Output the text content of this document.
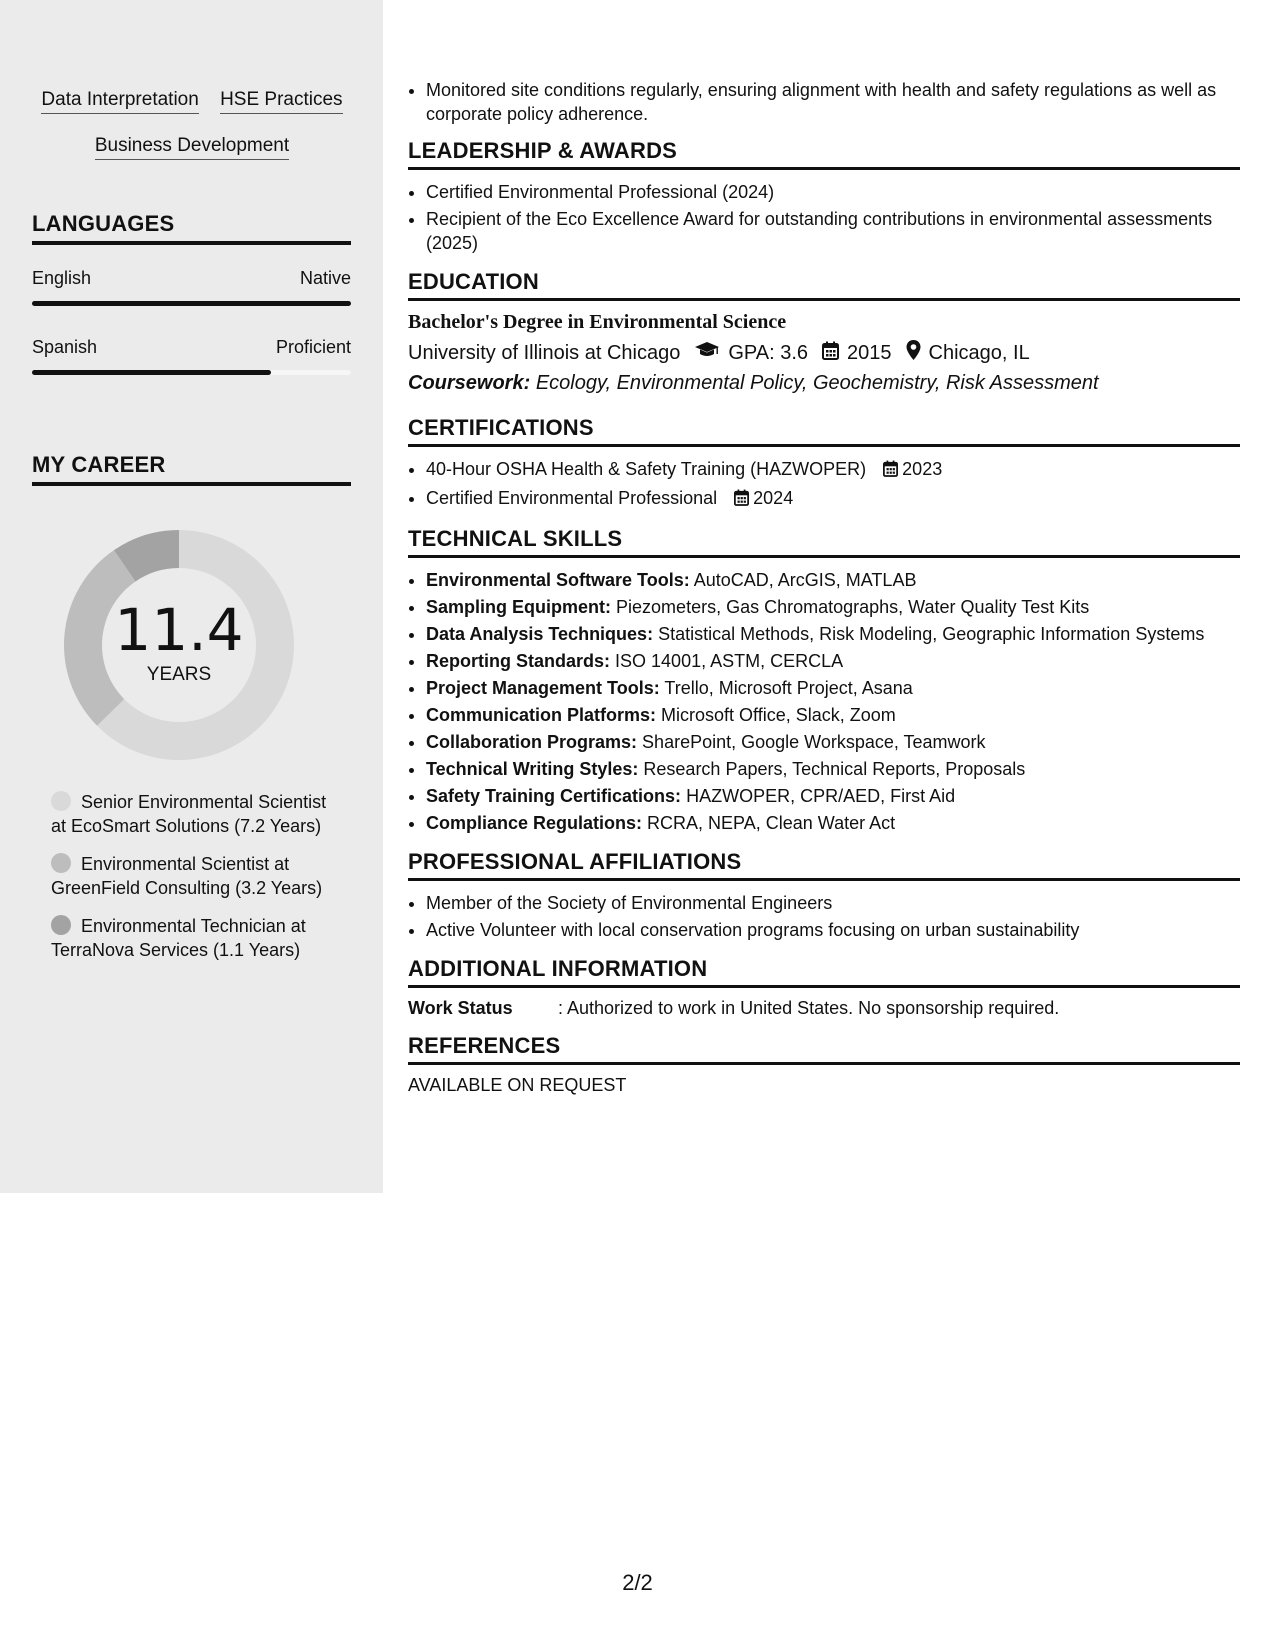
Data Interpretation HSE Practices
Business Development
LANGUAGES
English	Native
Spanish	Proficient
MY CAREER
11.4
YEARS
Senior Environmental Scientist at EcoSmart Solutions (7.2 Years)
Environmental Scientist at GreenField Consulting (3.2 Years)
Environmental Technician at TerraNova Services (1.1 Years)
• Monitored site conditions regularly, ensuring alignment with health and safety regulations as well as corporate policy adherence.
LEADERSHIP & AWARDS
• Certified Environmental Professional (2024)
• Recipient of the Eco Excellence Award for outstanding contributions in environmental assessments (2025)
EDUCATION
Bachelor's Degree in Environmental Science
University of Illinois at Chicago GPA: 3.6 2015 Chicago, IL
Coursework: Ecology, Environmental Policy, Geochemistry, Risk Assessment
CERTIFICATIONS
• 40-Hour OSHA Health & Safety Training (HAZWOPER) 2023
• Certified Environmental Professional 2024
TECHNICAL SKILLS
• Environmental Software Tools: AutoCAD, ArcGIS, MATLAB
• Sampling Equipment: Piezometers, Gas Chromatographs, Water Quality Test Kits
• Data Analysis Techniques: Statistical Methods, Risk Modeling, Geographic Information Systems
• Reporting Standards: ISO 14001, ASTM, CERCLA
• Project Management Tools: Trello, Microsoft Project, Asana
• Communication Platforms: Microsoft Office, Slack, Zoom
• Collaboration Programs: SharePoint, Google Workspace, Teamwork
• Technical Writing Styles: Research Papers, Technical Reports, Proposals
• Safety Training Certifications: HAZWOPER, CPR/AED, First Aid
• Compliance Regulations: RCRA, NEPA, Clean Water Act
PROFESSIONAL AFFILIATIONS
• Member of the Society of Environmental Engineers
• Active Volunteer with local conservation programs focusing on urban sustainability
ADDITIONAL INFORMATION
Work Status	: Authorized to work in United States. No sponsorship required.
REFERENCES
AVAILABLE ON REQUEST
2/2
